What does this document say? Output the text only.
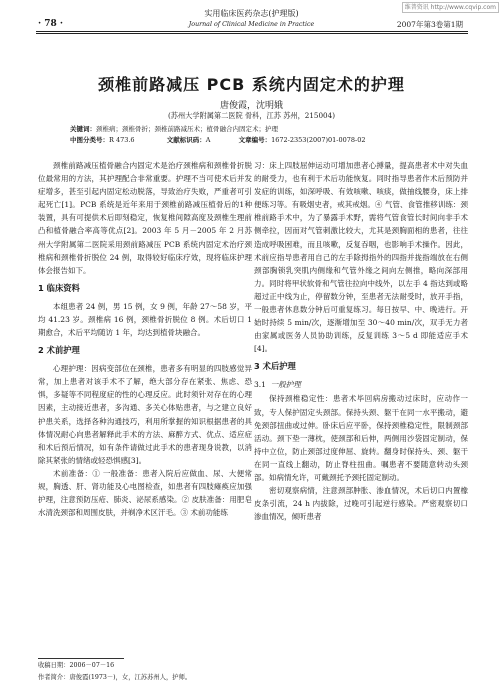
维普资讯 http://www.cqvip.com
实用临床医药杂志(护理版)
Journal of Clinical Medicine in Practice
· 78 ·	2007年第3卷第1期
颈椎前路减压 PCB 系统内固定术的护理
唐俊霞，沈明娥
(苏州大学附属第二医院 骨科，江苏 苏州，215004)
关键词：颈椎病；颈椎骨折；颈椎前路减压术；植骨融合内固定术；护理
中图分类号：R 473.6	文献标识码：A	文章编号：1672-2353(2007)01-0078-02

颈椎前路减压植骨融合内固定术是治疗颈椎病和颈椎骨折脱位最常用的方法，其护理配合非常重要。护理不当可使术后并发症增多，甚至引起内固定松动脱落，导致治疗失败，严重者可引起死亡[1]。PCB 系统是近年来用于颈椎前路减压植骨后的1种装置，具有可提供术后即刻稳定，恢复椎间隙高度及颈椎生理前凸和植骨融合率高等优点[2]。2003 年 5 月－2005 年 2 月苏州大学附属第二医院采用颈前路减压 PCB 系统内固定术治疗颈椎病和颈椎骨折脱位 24 例，取得较好临床疗效，现将临床护理体会报告如下。

1 临床资料

本组患者 24 例，男 15 例，女 9 例，年龄 27～58 岁，平均 41.23 岁。颈椎病 16 例，颈椎骨折脱位 8 例。术后切口 1 期愈合，术后平均随访 1 年，均达到植骨块融合。

2 术前护理

心理护理：因病变部位在颈椎，患者多有明显的四肢感觉异常，加上患者对该手术不了解，绝大部分存在紧张、焦虑、恐惧，多疑等不同程度症的性的心理反应。此时须针对存在的心理因素，主动接近患者，多沟通、多关心体贴患者，与之建立良好护患关系，选择各种沟通技巧，利用所掌握的知识根据患者的具体情况耐心向患者解释此手术的方法、麻醉方式、优点、适应症和术后预后情况，如有条件请做过此手术的患者现身说教，以消除其紧张的情绪或轻恐惧感[3]。

术前准备：① 一般准备：患者入院后应做血、尿、大便常规，胸透、肝、肾功能及心电图检查，如患者有四肢瘫痪应加强护理，注意预防压疮、肺炎、泌尿系感染。② 皮肤准备：用肥皂水清洗颈部和周围皮肤，并剃净术区汗毛。③ 术前功能练

习：床上四肢屈伸运动可增加患者心搏量，提高患者术中对失血的耐受力，也有利于术后功能恢复。同时指导患者作术后预防并发症的训练，如深呼吸、有效咳嗽、咳痰，做抽线腰身，床上排便练习等。有吸烟史者，戒其戒烟。④ 气管、食管推移训练：颈椎前路手术中，为了暴露手术野，需将气管食管长时间向非手术侧牵拉，因而对气管刺激比较大，尤其是颈胸面相的患者，往往造成呼吸困难，而且咳嗽，反复吞咽，也影响手术操作。因此，术前应指导患者用自己的左手除拇指外的四指并拢指端放在右侧颈部胸锁乳突肌内侧缘和气管外缘之间向左侧推，略向深部用力。同时将甲状软骨和气管往拉向中线外，以左手 4 指达到或略超过正中线为止，停留数分钟，至患者无法耐受时，放开手指，一般患者休息数分钟后可重复练习。每日按早、中、晚进行。开始时持续 5 min/次，逐渐增加至 30～40 min/次，双手无力者由家属或医务人员协助训练，反复训练 3～5 d 即能适应手术[4]。

3 术后护理
3.1 一般护理

保持颈椎稳定性：患者术毕回病房搬动过床时，应动作一致，专人保护固定头颈部。保持头颈、躯干在同一水平搬动，避免颈部扭曲或过伸。卧床后应平卧，保持颈椎稳定性，限制颈部活动。颈下垫一薄枕，使颈部和后伸，两侧用沙袋固定制动，保持中立位，防止颈部过度伸屈、旋转。翻身时保持头、颈、躯干在同一直线上翻动，防止脊柱扭曲。嘱患者不要随意转动头颈部。如病情允许，可戴颈托予颈托固定制动。

密切观察病情，注意颈部肿胀、渗血情况，术后切口内置橡皮条引流，24 h 内拔除，过晚可引起逆行感染。严密观察切口渗血情况，倾听患者

收稿日期：2006－07－16
作者简介：唐俊霞(1973－)，女，江苏苏州人，护师。
